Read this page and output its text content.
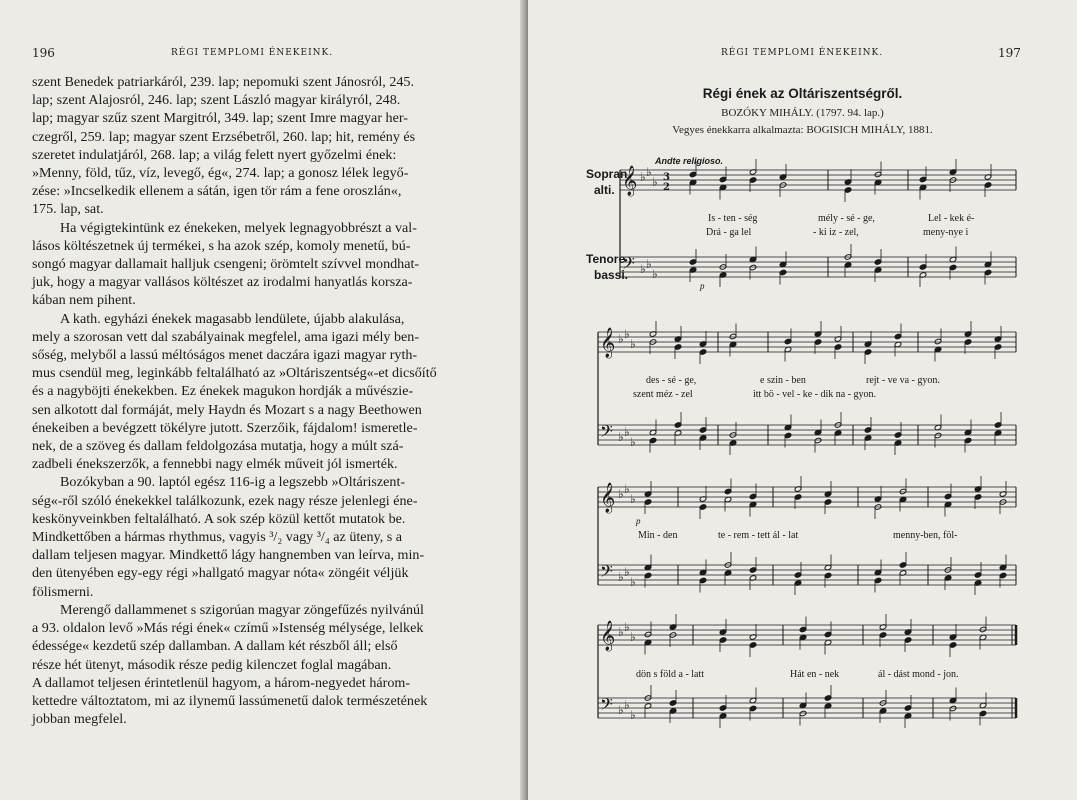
196	RÉGI TEMPLOMI ÉNEKEINK.

szent Benedek patriarkáról, 239. lap; nepomuki szent Jánosról, 245.

lap; szent Alajosról, 246. lap; szent László magyar királyról, 248.

lap; magyar szűz szent Margitról, 349. lap; szent Imre magyar her-

czegről, 259. lap; magyar szent Erzsébetről, 260. lap; hit, remény és

szeretet indulatjáról, 268. lap; a világ felett nyert győzelmi ének:

»Menny, föld, tűz, víz, levegő, ég«, 274. lap; a gonosz lélek legyő-

zése: »Incselkedik ellenem a sátán, igen tör rám a fene oroszlán«,

175. lap, sat.

Ha végigtekintünk ez énekeken, melyek legnagyobbrészt a val-

lásos költészetnek új termékei, s ha azok szép, komoly menetű, bú-

songó magyar dallamait halljuk csengeni; örömtelt szívvel mondhat-

juk, hogy a magyar vallásos költészet az irodalmi hanyatlás korsza-

kában nem pihent.

A kath. egyházi énekek magasabb lendülete, újabb alakulása,

mely a szorosan vett dal szabályainak megfelel, ama igazi mély ben-

sőség, melyből a lassú méltóságos menet daczára igazi magyar ryth-

mus csendül meg, leginkább feltalálható az »Oltáriszentség«-et dicsőítő

és a nagyböjti énekekben. Ez énekek magukon hordják a művészie-

sen alkotott dal formáját, mely Haydn és Mozart s a nagy Beethowen

énekeiben a bevégzett tökélyre jutott. Szerzőik, fájdalom! ismeretle-

nek, de a szöveg és dallam feldolgozása mutatja, hogy a múlt szá-

zadbeli énekszerzők, a fennebbi nagy elmék műveit jól ismerték.

Bozókyban a 90. laptól egész 116-ig a legszebb »Oltáriszent-

ség«-ről szóló énekekkel találkozunk, ezek nagy része jelenlegi éne-

keskönyveinkben feltalálható. A sok szép közül kettőt mutatok be.

Mindkettőben a hármas rhythmus, vagyis ³/₂ vagy ³/₄ az üteny, s a

dallam teljesen magyar. Mindkettő lágy hangnemben van leírva, min-

den ütenyében egy-egy régi »hallgató magyar nóta« zöngéit véljük

fölismerni.

Merengő dallammenet s szigorúan magyar zöngefűzés nyilvánúl

a 93. oldalon levő »Más régi ének« czímű »Istenség mélysége, lelkek

édessége« kezdetű szép dallamban. A dallam két részből áll; első

része hét ütenyt, második része pedig kilenczet foglal magában.

A dallamot teljesen érintetlenül hagyom, a három-negyedet három-

kettedre változtatom, mi az ilynemű lassúmenetű dalok természetének

jobban megfelel.

RÉGI TEMPLOMI ÉNEKEINK.	197
Régi ének az Oltáriszentségről.
BOZÓKY MIHÁLY. (1797. 94. lap.)
Vegyes énekkarra alkalmazta: BOGISICH MIHÁLY, 1881.
Sopran
alti.
Tenore
bassi.
Andte religioso.
p
𝄞
𝄢
♭ ♭
♭
♭ ♭
♭
3
2
Is - ten - ség	mély - sé - ge,	Lel - kek é-
Drá - ga lel	- ki iz - zel,	meny-nye i
𝄞
𝄢
♭ ♭
♭
♭ ♭
♭
des - sé - ge,	e szin - ben	rejt - ve va - gyon.
szent méz - zel	itt bö - vel - ke - dik na - gyon.
𝄞
𝄢
♭ ♭
♭
♭ ♭
♭
p
Min - den	te - rem - tett ál - lat	menny-ben, föl-
𝄞
𝄢
♭ ♭
♭
♭ ♭
♭
dön s föld a - latt	Hát en - nek	ál - dást mond - jon.
